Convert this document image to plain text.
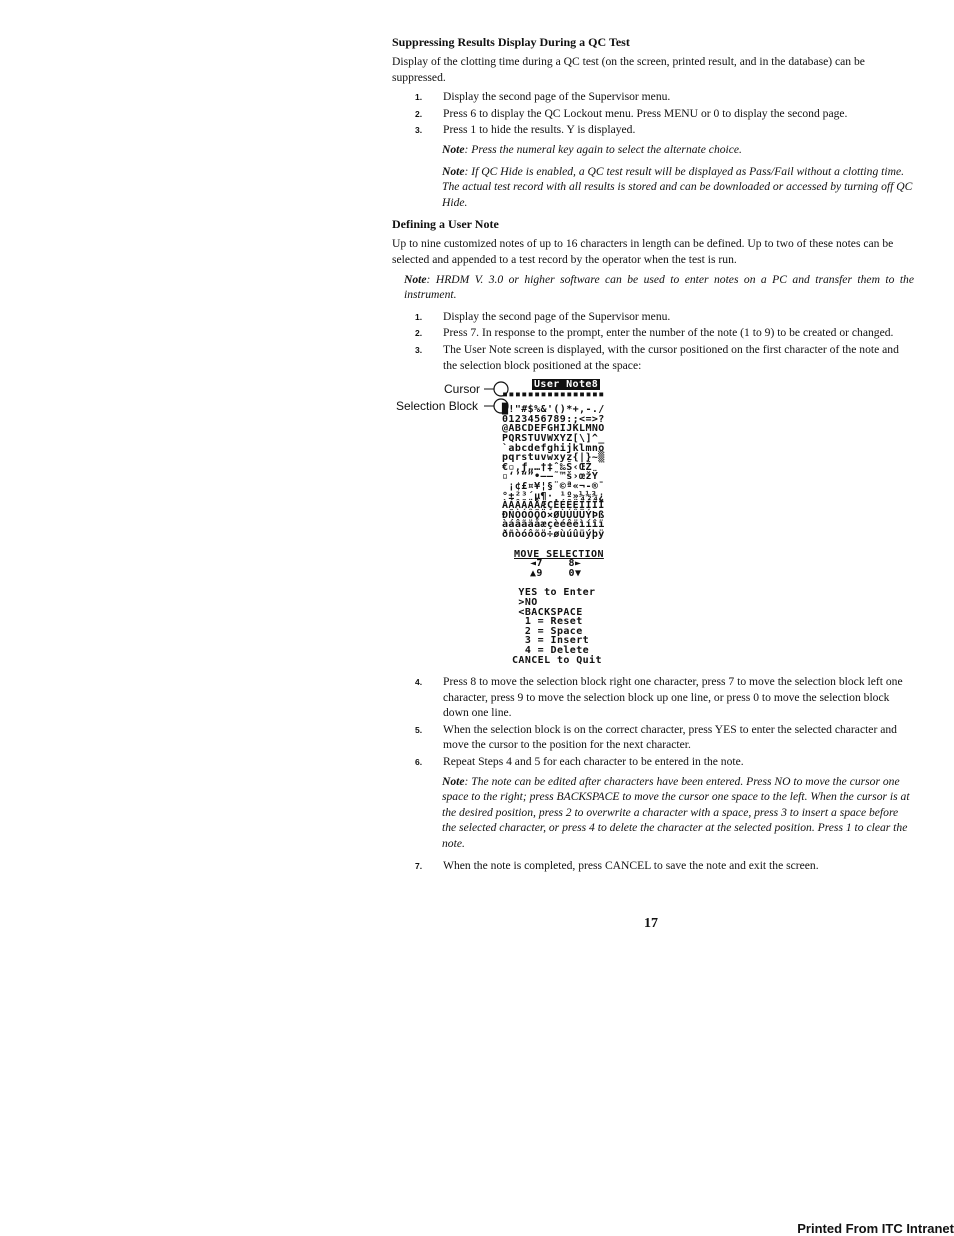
Suppressing Results Display During a QC Test

Display of the clotting time during a QC test (on the screen, printed result, and in the database) can be suppressed.

1. Display the second page of the Supervisor menu.
2. Press 6 to display the QC Lockout menu. Press MENU or 0 to display the second page.
3. Press 1 to hide the results. Y is displayed.
Note: Press the numeral key again to select the alternate choice.
Note: If QC Hide is enabled, a QC test result will be displayed as Pass/Fail without a clotting time. The actual test record with all results is stored and can be downloaded or accessed by turning off QC Hide.
Defining a User Note

Up to nine customized notes of up to 16 characters in length can be defined. Up to two of these notes can be selected and appended to a test record by the operator when the test is run.

Note: HRDM V. 3.0 or higher software can be used to enter notes on a PC and transfer them to the instrument.
1. Display the second page of the Supervisor menu.
2. Press 7. In response to the prompt, enter the number of the note (1 to 9) to be created or changed.
3. The User Note screen is displayed, with the cursor positioned on the first character of the note and the selection block positioned at the space:
Cursor
Selection Block
User Note8
▪▪▪▪▪▪▪▪▪▪▪▪▪▪▪▪
█!"#$%&'()*+,-./
0123456789:;<=>?
@ABCDEFGHIJKLMNO
PQRSTUVWXYZ[\]^_
`abcdefghijklmno
pqrstuvwxyz{|}~▒
€▫‚ƒ„…†‡ˆ‰Š‹ŒŽ
▫‘’“”•–—˜™š›œžŸ
¡¢£¤¥¦§¨©ª«¬-®¯
°±²³´µ¶·¸¹º»¼½¾¿
ÀÁÂÃÄÅÆÇÈÉÊËÌÍÎÏ
ÐÑÒÓÔÕÖ×ØÙÚÛÜÝÞß
àáâãäåæçèéêëìíîï
ðñòóôõö÷øùúûüýþÿ
MOVE SELECTION
◄7    8►
▲9    0▼
YES to Enter
>NO
<BACKSPACE
1 = Reset
2 = Space
3 = Insert
4 = Delete
CANCEL to Quit
4. Press 8 to move the selection block right one character, press 7 to move the selection block left one character, press 9 to move the selection block up one line, or press 0 to move the selection block down one line.
5. When the selection block is on the correct character, press YES to enter the selected character and move the cursor to the position for the next character.
6. Repeat Steps 4 and 5 for each character to be entered in the note.
Note: The note can be edited after characters have been entered. Press NO to move the cursor one space to the right; press BACKSPACE to move the cursor one space to the left. When the cursor is at the desired position, press 2 to overwrite a character with a space, press 3 to insert a space before the selected character, or press 4 to delete the character at the selected position. Press 1 to clear the note.
7. When the note is completed, press CANCEL to save the note and exit the screen.
17
Printed From ITC Intranet
